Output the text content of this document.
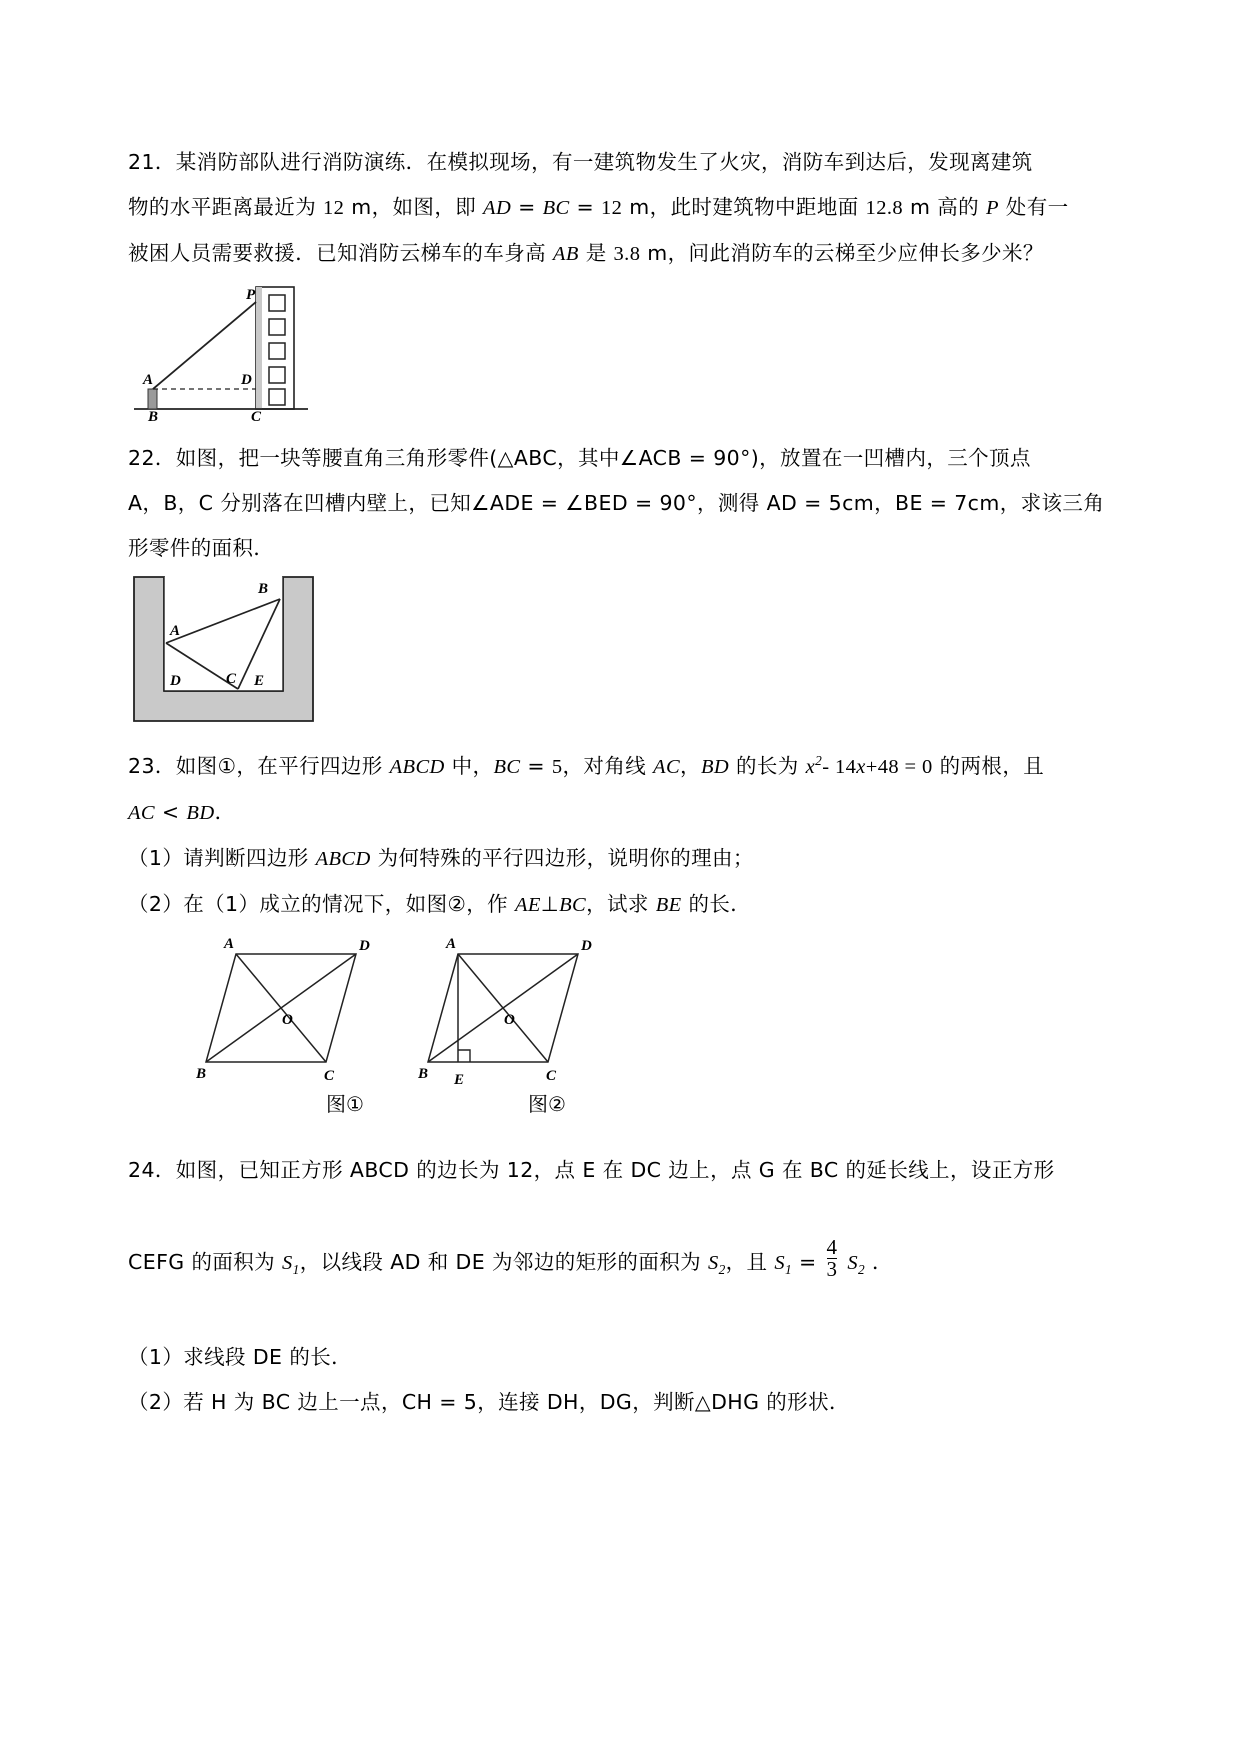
21．某消防部队进行消防演练．在模拟现场，有一建筑物发生了火灾，消防车到达后，发现离建筑
物的水平距离最近为 12 m，如图，即 AD = BC = 12 m，此时建筑物中距地面 12.8 m 高的 P 处有一
被困人员需要救援．已知消防云梯车的车身高 AB 是 3.8 m，问此消防车的云梯至少应伸长多少米？
A	D
P
B	C
22．如图，把一块等腰直角三角形零件(△ABC，其中∠ACB = 90°)，放置在一凹槽内，三个顶点
A，B，C 分别落在凹槽内壁上，已知∠ADE = ∠BED = 90°，测得 AD = 5cm，BE = 7cm，求该三角
形零件的面积．
B
A
D	C E
23．如图①，在平行四边形 ABCD 中，BC = 5，对角线 AC，BD 的长为 $x^2-$ 14x+48 = 0 的两根，且
AC < BD．
（1）请判断四边形 ABCD 为何特殊的平行四边形，说明你的理由；
（2）在（1）成立的情况下，如图②，作 AE⊥BC，试求 BE 的长．
A	D
O
B	C
A	D
O
B E	C
图①	图②
24．如图，已知正方形 ABCD 的边长为 12，点 E 在 DC 边上，点 G 在 BC 的延长线上，设正方形
CEFG 的面积为 $S_1$，以线段 AD 和 DE 为邻边的矩形的面积为 $S_2$，且 $S_1 = \frac{4}{3} S_2$ ．
（1）求线段 DE 的长．
（2）若 H 为 BC 边上一点，CH = 5，连接 DH，DG，判断△DHG 的形状．
